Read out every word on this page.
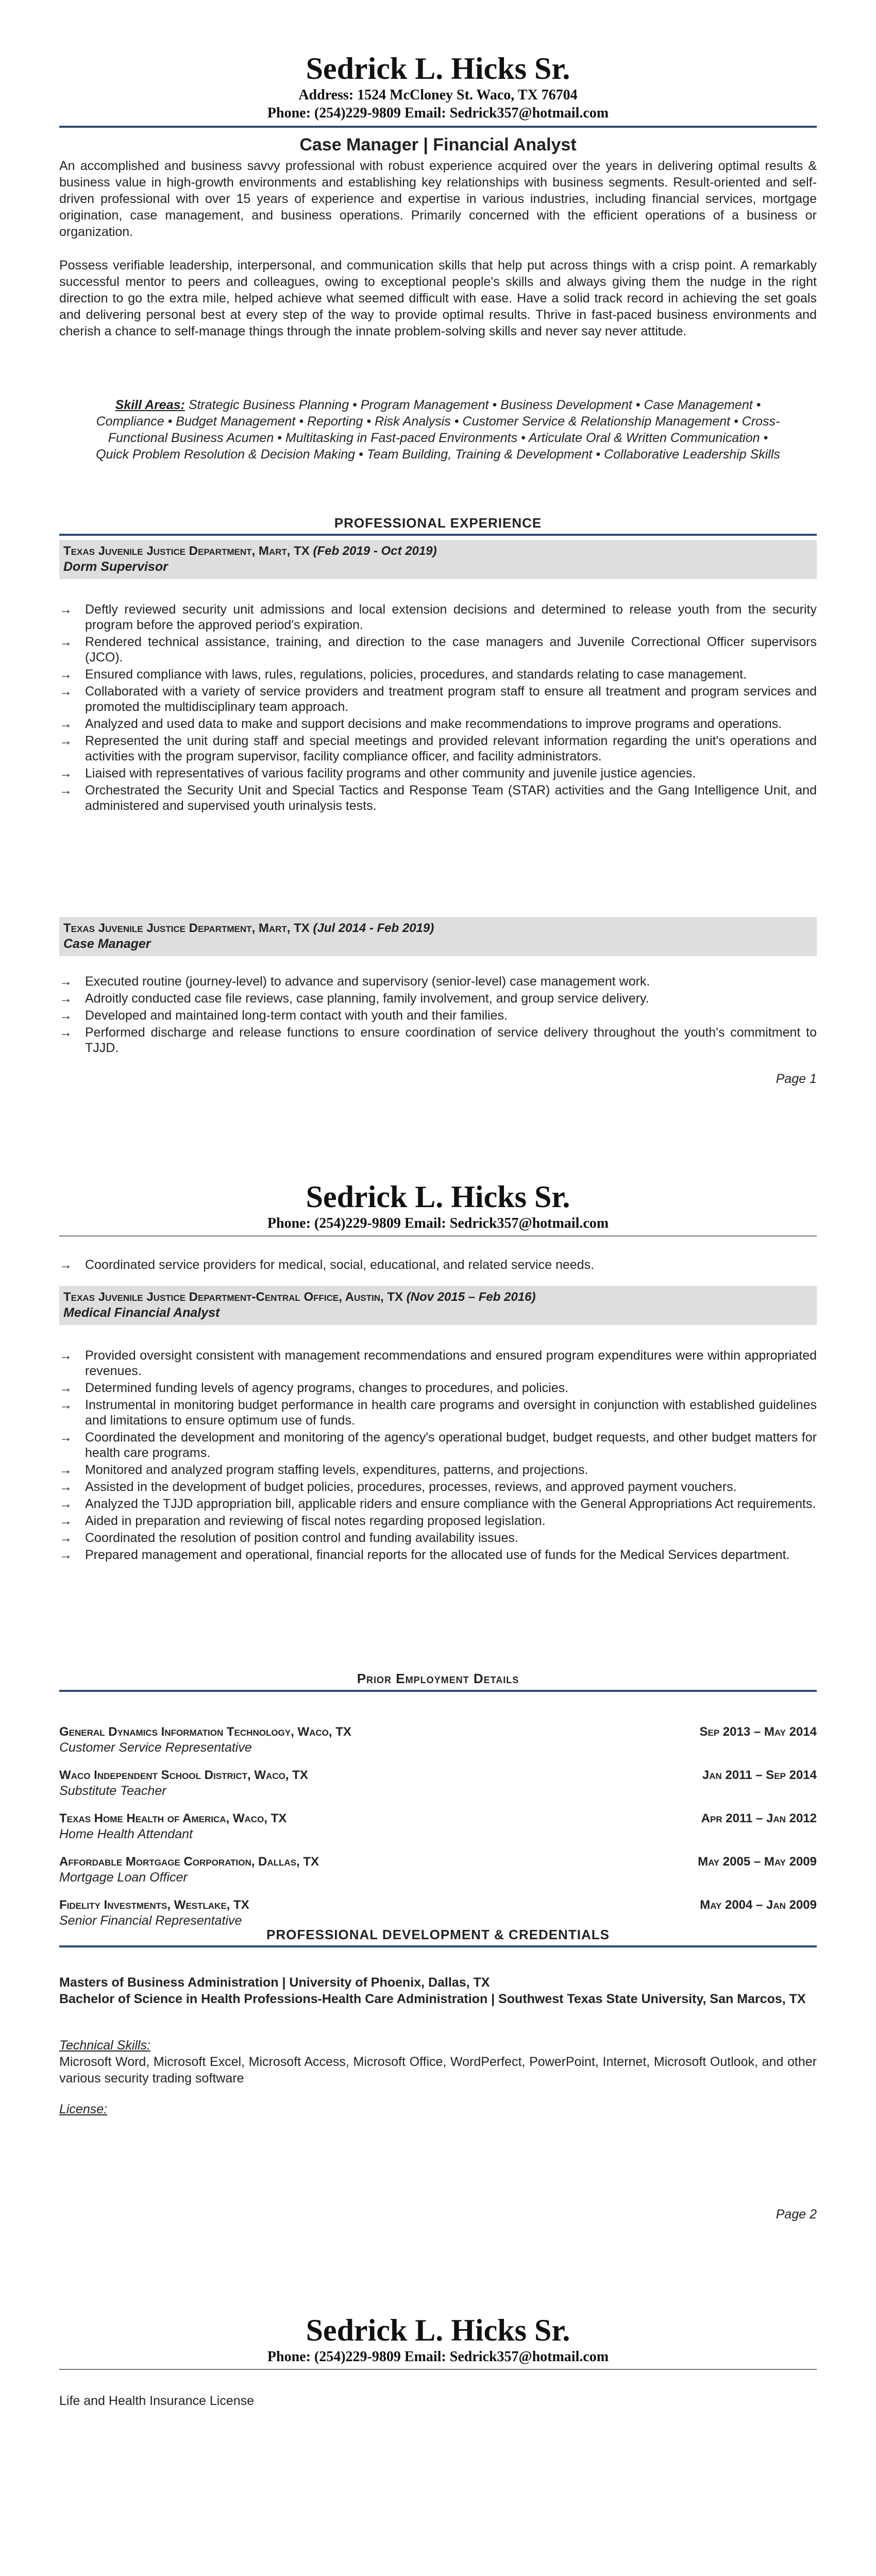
Sedrick L. Hicks Sr.
Address: 1524 McCloney St. Waco, TX 76704
Phone: (254)229-9809 Email: Sedrick357@hotmail.com
Case Manager | Financial Analyst

An accomplished and business savvy professional with robust experience acquired over the years in delivering optimal results & business value in high-growth environments and establishing key relationships with business segments. Result-oriented and self-driven professional with over 15 years of experience and expertise in various industries, including financial services, mortgage origination, case management, and business operations. Primarily concerned with the efficient operations of a business or organization.

Possess verifiable leadership, interpersonal, and communication skills that help put across things with a crisp point. A remarkably successful mentor to peers and colleagues, owing to exceptional people's skills and always giving them the nudge in the right direction to go the extra mile, helped achieve what seemed difficult with ease. Have a solid track record in achieving the set goals and delivering personal best at every step of the way to provide optimal results. Thrive in fast-paced business environments and cherish a chance to self-manage things through the innate problem-solving skills and never say never attitude.

Skill Areas: Strategic Business Planning • Program Management • Business Development • Case Management • Compliance • Budget Management • Reporting • Risk Analysis • Customer Service & Relationship Management • Cross-Functional Business Acumen • Multitasking in Fast-paced Environments • Articulate Oral & Written Communication • Quick Problem Resolution & Decision Making • Team Building, Training & Development • Collaborative Leadership Skills
PROFESSIONAL EXPERIENCE
Texas Juvenile Justice Department, Mart, TX (Feb 2019 - Oct 2019)
Dorm Supervisor
→ Deftly reviewed security unit admissions and local extension decisions and determined to release youth from the security program before the approved period's expiration.
→ Rendered technical assistance, training, and direction to the case managers and Juvenile Correctional Officer supervisors (JCO).
→ Ensured compliance with laws, rules, regulations, policies, procedures, and standards relating to case management.
→ Collaborated with a variety of service providers and treatment program staff to ensure all treatment and program services and promoted the multidisciplinary team approach.
→ Analyzed and used data to make and support decisions and make recommendations to improve programs and operations.
→ Represented the unit during staff and special meetings and provided relevant information regarding the unit's operations and activities with the program supervisor, facility compliance officer, and facility administrators.
→ Liaised with representatives of various facility programs and other community and juvenile justice agencies.
→ Orchestrated the Security Unit and Special Tactics and Response Team (STAR) activities and the Gang Intelligence Unit, and administered and supervised youth urinalysis tests.
Texas Juvenile Justice Department, Mart, TX (Jul 2014 - Feb 2019)
Case Manager
→ Executed routine (journey-level) to advance and supervisory (senior-level) case management work.
→ Adroitly conducted case file reviews, case planning, family involvement, and group service delivery.
→ Developed and maintained long-term contact with youth and their families.
→ Performed discharge and release functions to ensure coordination of service delivery throughout the youth's commitment to TJJD.
Page 1
Sedrick L. Hicks Sr.
Phone: (254)229-9809 Email: Sedrick357@hotmail.com
→ Coordinated service providers for medical, social, educational, and related service needs.
Texas Juvenile Justice Department-Central Office, Austin, TX (Nov 2015 – Feb 2016)
Medical Financial Analyst
→ Provided oversight consistent with management recommendations and ensured program expenditures were within appropriated revenues.
→ Determined funding levels of agency programs, changes to procedures, and policies.
→ Instrumental in monitoring budget performance in health care programs and oversight in conjunction with established guidelines and limitations to ensure optimum use of funds.
→ Coordinated the development and monitoring of the agency's operational budget, budget requests, and other budget matters for health care programs.
→ Monitored and analyzed program staffing levels, expenditures, patterns, and projections.
→ Assisted in the development of budget policies, procedures, processes, reviews, and approved payment vouchers.
→ Analyzed the TJJD appropriation bill, applicable riders and ensure compliance with the General Appropriations Act requirements.
→ Aided in preparation and reviewing of fiscal notes regarding proposed legislation.
→ Coordinated the resolution of position control and funding availability issues.
→ Prepared management and operational, financial reports for the allocated use of funds for the Medical Services department.
Prior Employment Details
General Dynamics Information Technology, Waco, TX	Sep 2013 – May 2014
Customer Service Representative
Waco Independent School District, Waco, TX	Jan 2011 – Sep 2014
Substitute Teacher
Texas Home Health of America, Waco, TX	Apr 2011 – Jan 2012
Home Health Attendant
Affordable Mortgage Corporation, Dallas, TX	May 2005 – May 2009
Mortgage Loan Officer
Fidelity Investments, Westlake, TX	May 2004 – Jan 2009
Senior Financial Representative
PROFESSIONAL DEVELOPMENT & CREDENTIALS
Masters of Business Administration | University of Phoenix, Dallas, TX
Bachelor of Science in Health Professions-Health Care Administration | Southwest Texas State University, San Marcos, TX
Technical Skills:

Microsoft Word, Microsoft Excel, Microsoft Access, Microsoft Office, WordPerfect, PowerPoint, Internet, Microsoft Outlook, and other various security trading software

License:
Page 2
Sedrick L. Hicks Sr.
Phone: (254)229-9809 Email: Sedrick357@hotmail.com
Life and Health Insurance License
